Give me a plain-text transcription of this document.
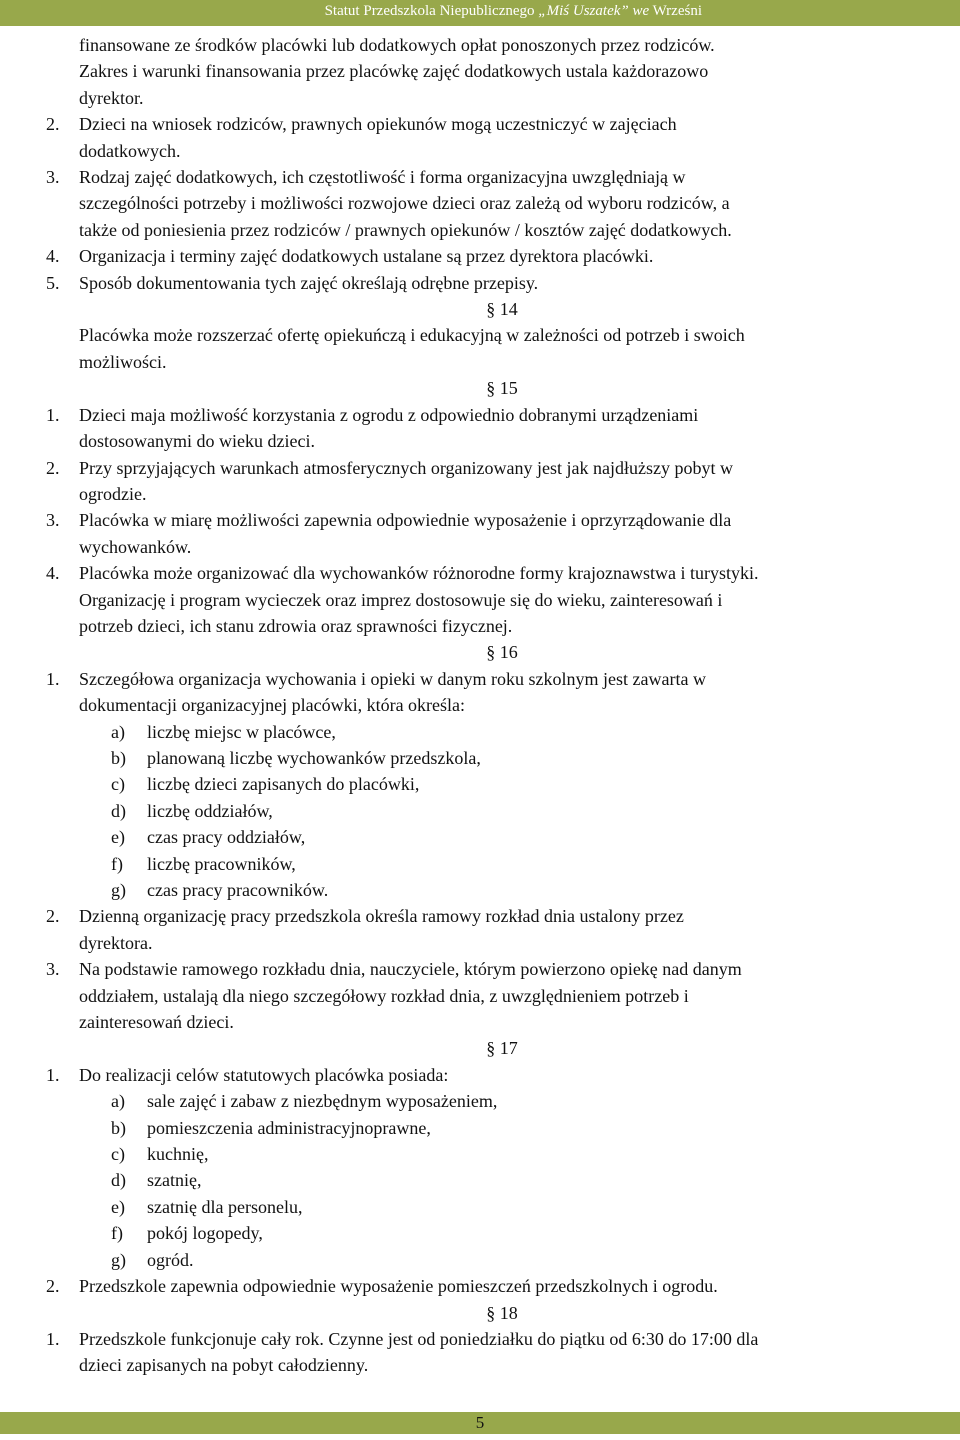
Statut Przedszkola Niepublicznego „Miś Uszatek” we Wrześni
finansowane ze środków placówki lub dodatkowych opłat ponoszonych przez rodziców.
Zakres i warunki finansowania przez placówkę zajęć dodatkowych ustala każdorazowo
dyrektor.
2. Dzieci na wniosek rodziców, prawnych opiekunów mogą uczestniczyć w zajęciach
dodatkowych.
3. Rodzaj zajęć dodatkowych, ich częstotliwość i forma organizacyjna uwzględniają w
szczególności potrzeby i możliwości rozwojowe dzieci oraz zależą od wyboru rodziców, a
także od poniesienia przez rodziców / prawnych opiekunów / kosztów zajęć dodatkowych.
4. Organizacja i terminy zajęć dodatkowych ustalane są przez dyrektora placówki.
5. Sposób dokumentowania tych zajęć określają odrębne przepisy.
§ 14
Placówka może rozszerzać ofertę opiekuńczą i edukacyjną w zależności od potrzeb i swoich
możliwości.
§ 15
1. Dzieci maja możliwość korzystania z ogrodu z odpowiednio dobranymi urządzeniami
dostosowanymi do wieku dzieci.
2. Przy sprzyjających warunkach atmosferycznych organizowany jest jak najdłuższy pobyt w
ogrodzie.
3. Placówka w miarę możliwości zapewnia odpowiednie wyposażenie i oprzyrządowanie dla
wychowanków.
4. Placówka może organizować dla wychowanków różnorodne formy krajoznawstwa i turystyki.
Organizację i program wycieczek oraz imprez dostosowuje się do wieku, zainteresowań i
potrzeb dzieci, ich stanu zdrowia oraz sprawności fizycznej.
§ 16
1. Szczegółowa organizacja wychowania i opieki w danym roku szkolnym jest zawarta w
dokumentacji organizacyjnej placówki, która określa:
a) liczbę miejsc w placówce,
b) planowaną liczbę wychowanków przedszkola,
c) liczbę dzieci zapisanych do placówki,
d) liczbę oddziałów,
e) czas pracy oddziałów,
f) liczbę pracowników,
g) czas pracy pracowników.
2. Dzienną organizację pracy przedszkola określa ramowy rozkład dnia ustalony przez
dyrektora.
3. Na podstawie ramowego rozkładu dnia, nauczyciele, którym powierzono opiekę nad danym
oddziałem, ustalają dla niego szczegółowy rozkład dnia, z uwzględnieniem potrzeb i
zainteresowań dzieci.
§ 17
1. Do realizacji celów statutowych placówka posiada:
a) sale zajęć i zabaw z niezbędnym wyposażeniem,
b) pomieszczenia administracyjnoprawne,
c) kuchnię,
d) szatnię,
e) szatnię dla personelu,
f) pokój logopedy,
g) ogród.
2. Przedszkole zapewnia odpowiednie wyposażenie pomieszczeń przedszkolnych i ogrodu.
§ 18
1. Przedszkole funkcjonuje cały rok. Czynne jest od poniedziałku do piątku od 6:30 do 17:00 dla
dzieci zapisanych na pobyt całodzienny.
5
